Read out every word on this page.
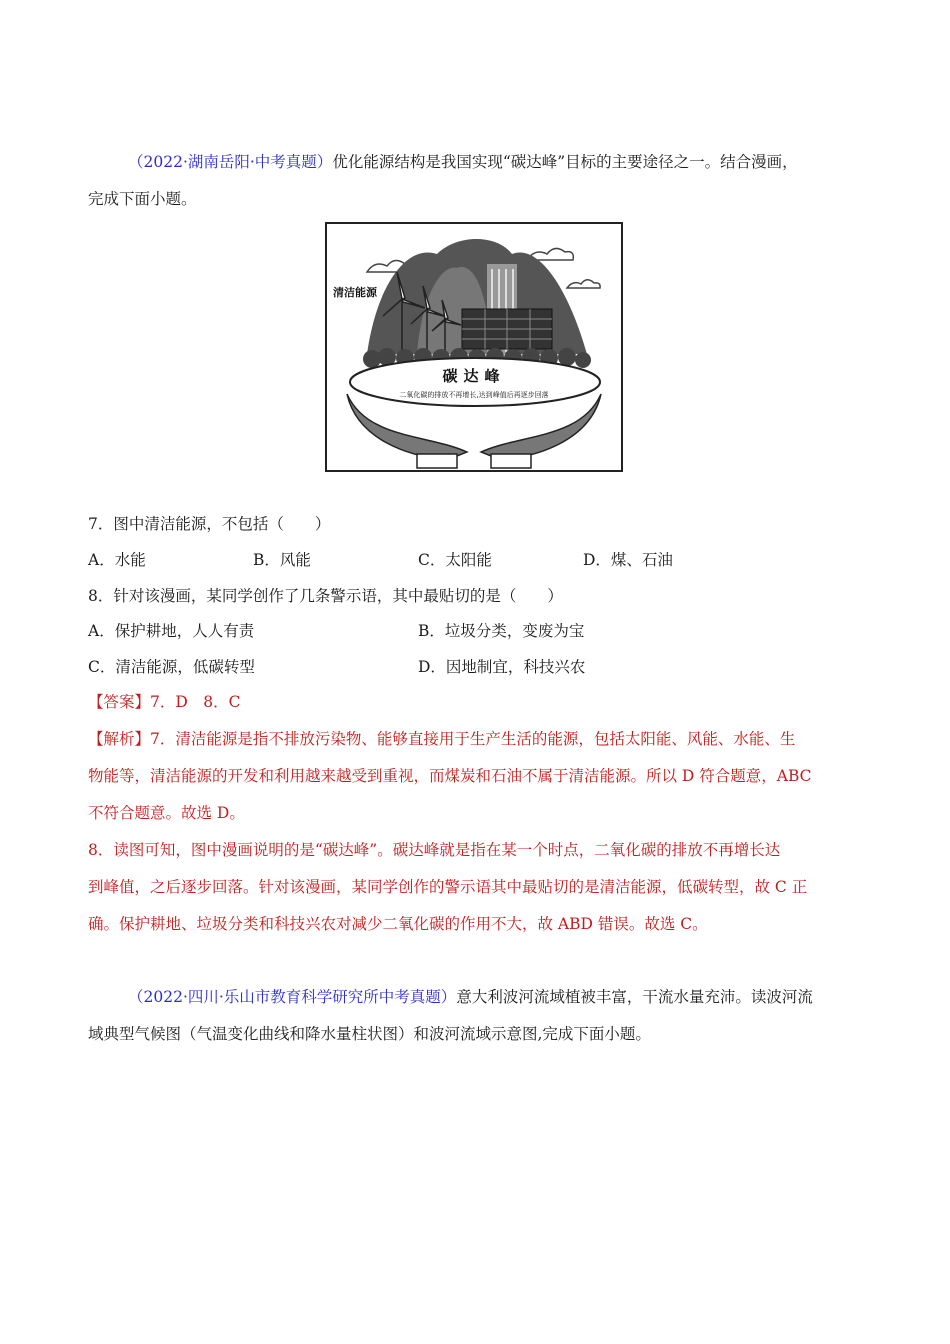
（2022·湖南岳阳·中考真题）优化能源结构是我国实现“碳达峰”目标的主要途径之一。结合漫画，
完成下面小题。
清洁能源
碳达峰
二氧化碳的排放不再增长,达到峰值后再逐步回落
7．图中清洁能源，不包括（　　）
A．水能	B．风能	C．太阳能	D．煤、石油
8．针对该漫画，某同学创作了几条警示语，其中最贴切的是（　　）
A．保护耕地，人人有责	B．垃圾分类，变废为宝
C．清洁能源，低碳转型	D．因地制宜，科技兴农
【答案】7．D　8．C
【解析】7．清洁能源是指不排放污染物、能够直接用于生产生活的能源，包括太阳能、风能、水能、生
物能等，清洁能源的开发和利用越来越受到重视，而煤炭和石油不属于清洁能源。所以 D 符合题意，ABC
不符合题意。故选 D。
8．读图可知，图中漫画说明的是“碳达峰”。碳达峰就是指在某一个时点，二氧化碳的排放不再增长达
到峰值，之后逐步回落。针对该漫画，某同学创作的警示语其中最贴切的是清洁能源，低碳转型，故 C 正
确。保护耕地、垃圾分类和科技兴农对减少二氧化碳的作用不大，故 ABD 错误。故选 C。
（2022·四川·乐山市教育科学研究所中考真题）意大利波河流域植被丰富，干流水量充沛。读波河流
域典型气候图（气温变化曲线和降水量柱状图）和波河流域示意图,完成下面小题。
